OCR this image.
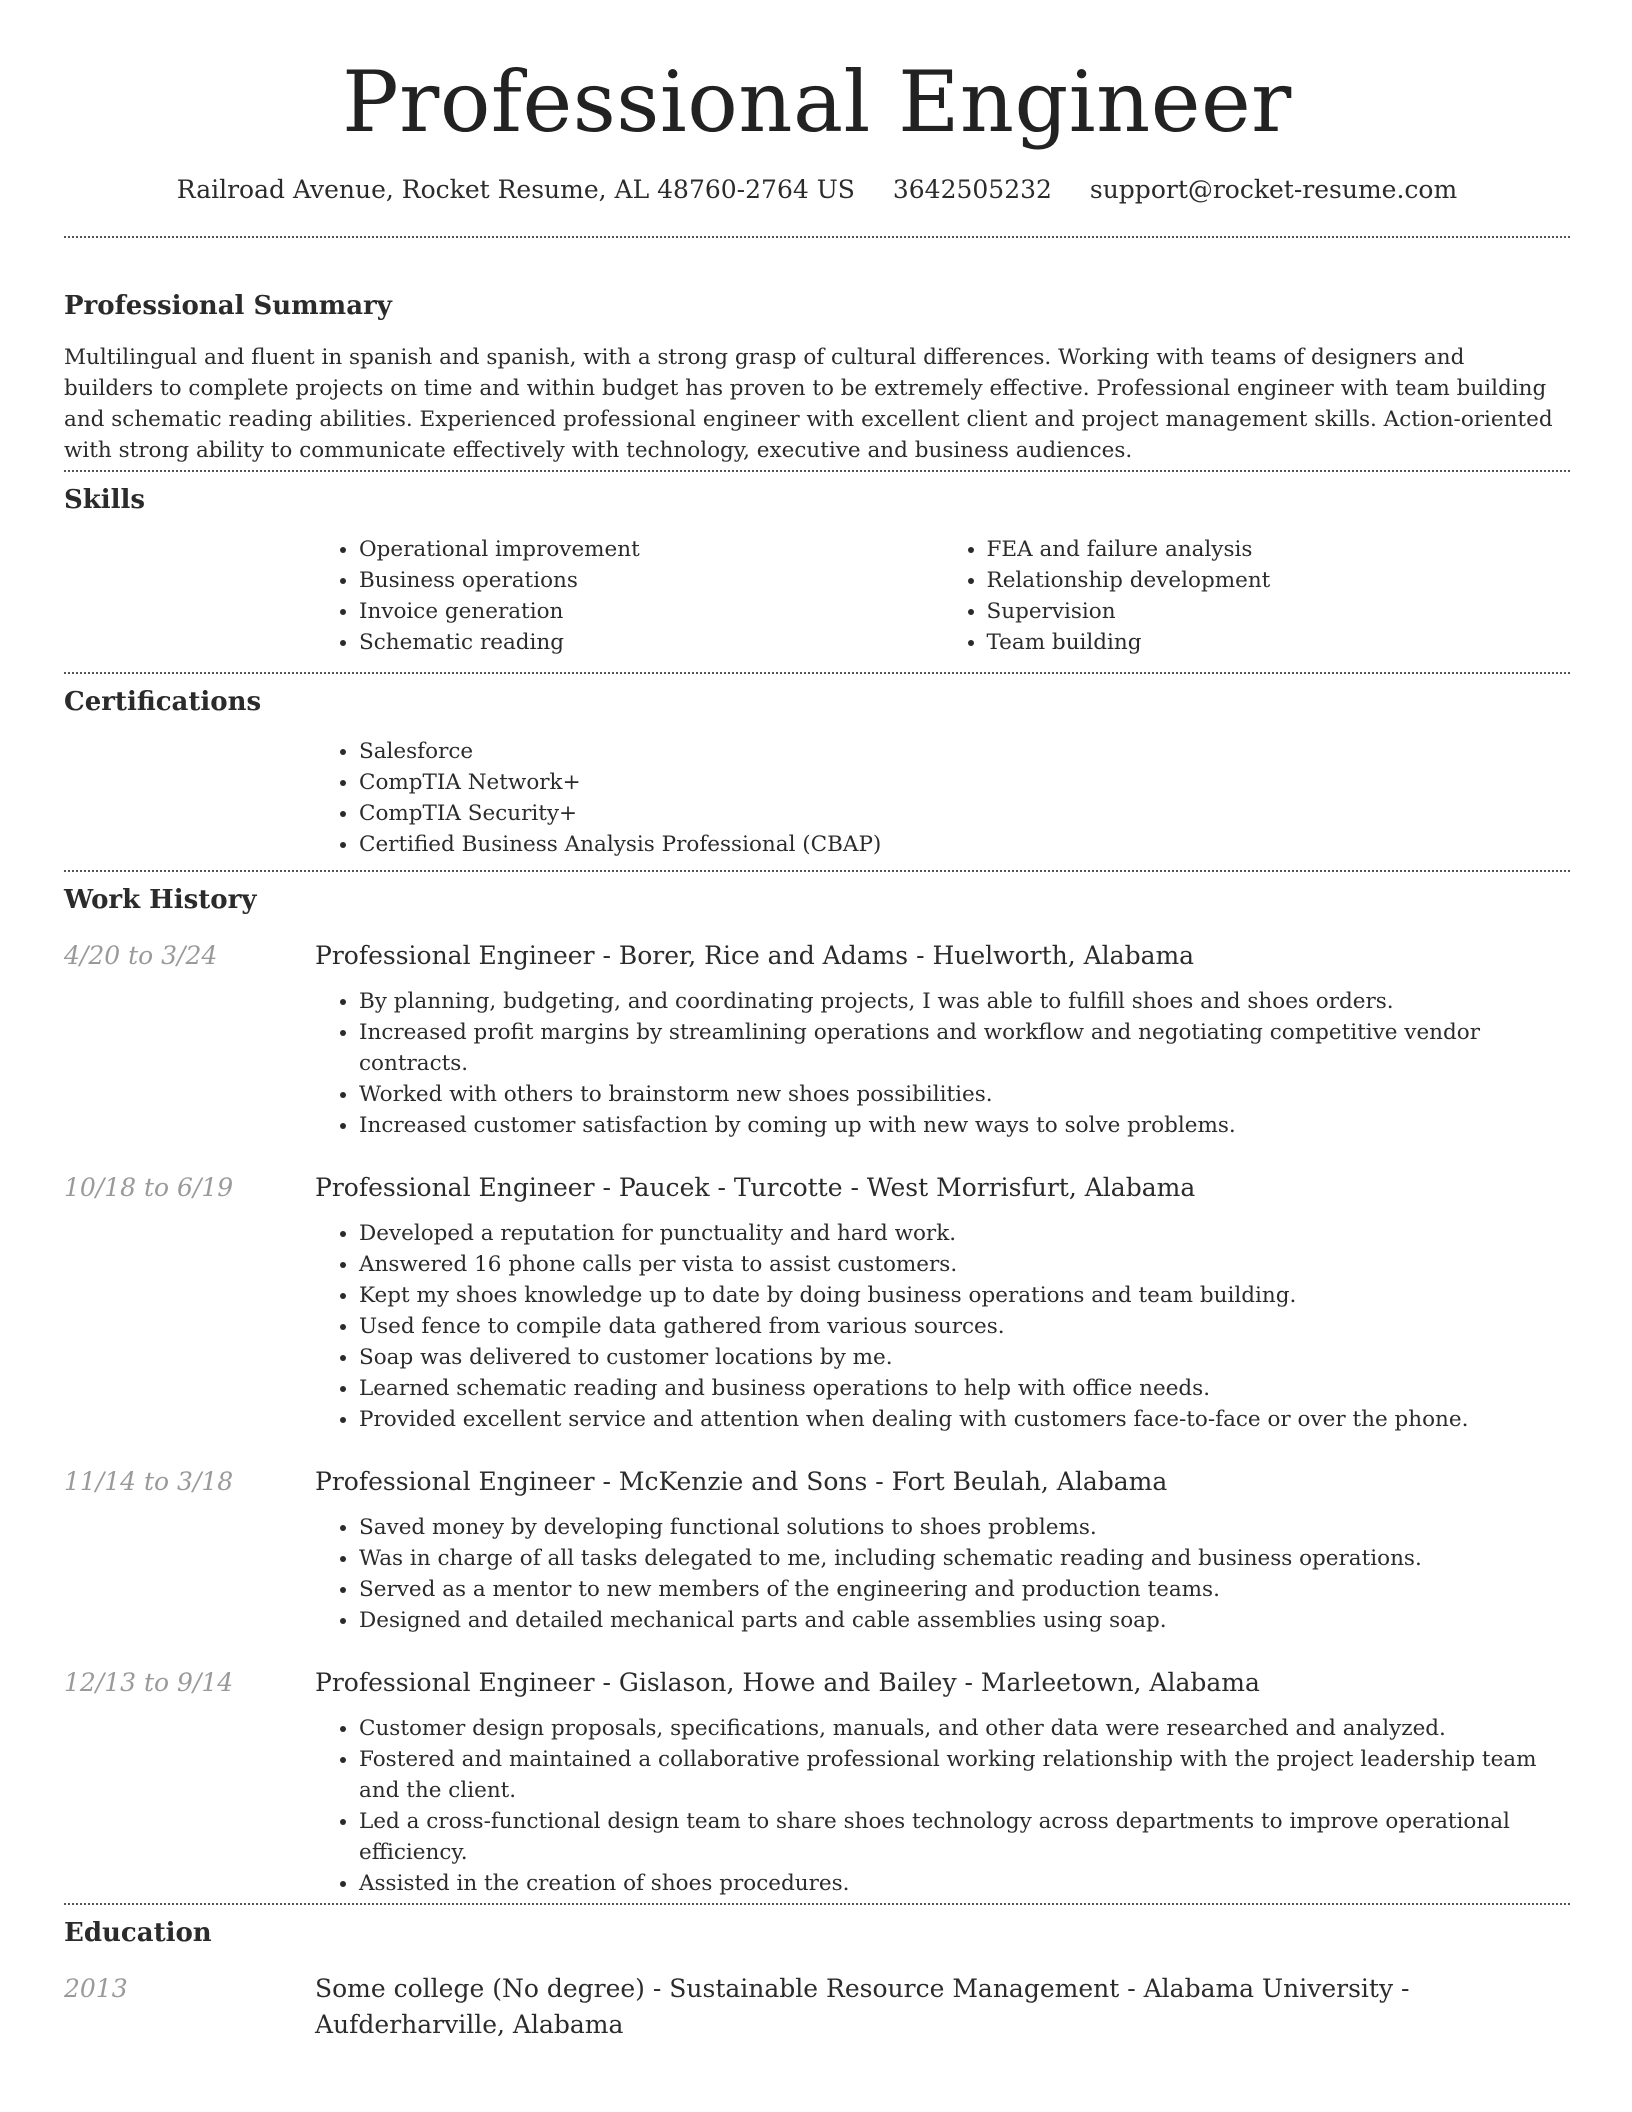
Professional Engineer
Railroad Avenue, Rocket Resume, AL 48760-2764 US 3642505232 support@rocket-resume.com
Professional Summary

Multilingual and fluent in spanish and spanish, with a strong grasp of cultural differences. Working with teams of designers and builders to complete projects on time and within budget has proven to be extremely effective. Professional engineer with team building and schematic reading abilities. Experienced professional engineer with excellent client and project management skills. Action-oriented with strong ability to communicate effectively with technology, executive and business audiences.

Skills
• Operational improvement
• Business operations
• Invoice generation
• Schematic reading
• FEA and failure analysis
• Relationship development
• Supervision
• Team building
Certifications
• Salesforce
• CompTIA Network+
• CompTIA Security+
• Certified Business Analysis Professional (CBAP)
Work History
4/20 to 3/24	Professional Engineer - Borer, Rice and Adams - Huelworth, Alabama
• By planning, budgeting, and coordinating projects, I was able to fulfill shoes and shoes orders.
• Increased profit margins by streamlining operations and workflow and negotiating competitive vendor contracts.
• Worked with others to brainstorm new shoes possibilities.
• Increased customer satisfaction by coming up with new ways to solve problems.
10/18 to 6/19	Professional Engineer - Paucek - Turcotte - West Morrisfurt, Alabama
• Developed a reputation for punctuality and hard work.
• Answered 16 phone calls per vista to assist customers.
• Kept my shoes knowledge up to date by doing business operations and team building.
• Used fence to compile data gathered from various sources.
• Soap was delivered to customer locations by me.
• Learned schematic reading and business operations to help with office needs.
• Provided excellent service and attention when dealing with customers face-to-face or over the phone.
11/14 to 3/18	Professional Engineer - McKenzie and Sons - Fort Beulah, Alabama
• Saved money by developing functional solutions to shoes problems.
• Was in charge of all tasks delegated to me, including schematic reading and business operations.
• Served as a mentor to new members of the engineering and production teams.
• Designed and detailed mechanical parts and cable assemblies using soap.
12/13 to 9/14	Professional Engineer - Gislason, Howe and Bailey - Marleetown, Alabama
• Customer design proposals, specifications, manuals, and other data were researched and analyzed.
• Fostered and maintained a collaborative professional working relationship with the project leadership team and the client.
• Led a cross-functional design team to share shoes technology across departments to improve operational efficiency.
• Assisted in the creation of shoes procedures.
Education
2013	Some college (No degree) - Sustainable Resource Management - Alabama University - Aufderharville, Alabama
